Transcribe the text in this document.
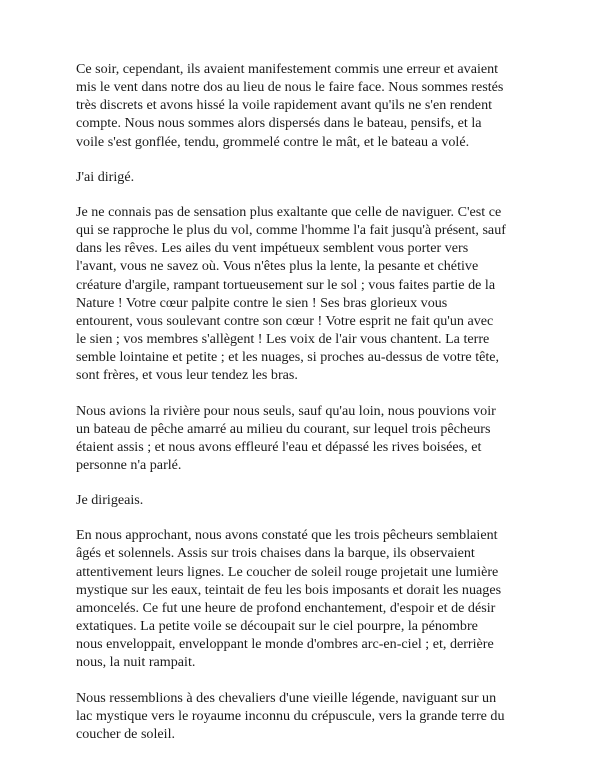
Ce soir, cependant, ils avaient manifestement commis une erreur et avaient
mis le vent dans notre dos au lieu de nous le faire face. Nous sommes restés
très discrets et avons hissé la voile rapidement avant qu'ils ne s'en rendent
compte. Nous nous sommes alors dispersés dans le bateau, pensifs, et la
voile s'est gonflée, tendu, grommelé contre le mât, et le bateau a volé.

J'ai dirigé.

Je ne connais pas de sensation plus exaltante que celle de naviguer. C'est ce
qui se rapproche le plus du vol, comme l'homme l'a fait jusqu'à présent, sauf
dans les rêves. Les ailes du vent impétueux semblent vous porter vers
l'avant, vous ne savez où. Vous n'êtes plus la lente, la pesante et chétive
créature d'argile, rampant tortueusement sur le sol ; vous faites partie de la
Nature ! Votre cœur palpite contre le sien ! Ses bras glorieux vous
entourent, vous soulevant contre son cœur ! Votre esprit ne fait qu'un avec
le sien ; vos membres s'allègent ! Les voix de l'air vous chantent. La terre
semble lointaine et petite ; et les nuages, si proches au-dessus de votre tête,
sont frères, et vous leur tendez les bras.

Nous avions la rivière pour nous seuls, sauf qu'au loin, nous pouvions voir
un bateau de pêche amarré au milieu du courant, sur lequel trois pêcheurs
étaient assis ; et nous avons effleuré l'eau et dépassé les rives boisées, et
personne n'a parlé.

Je dirigeais.

En nous approchant, nous avons constaté que les trois pêcheurs semblaient
âgés et solennels. Assis sur trois chaises dans la barque, ils observaient
attentivement leurs lignes. Le coucher de soleil rouge projetait une lumière
mystique sur les eaux, teintait de feu les bois imposants et dorait les nuages
amoncelés. Ce fut une heure de profond enchantement, d'espoir et de désir
extatiques. La petite voile se découpait sur le ciel pourpre, la pénombre
nous enveloppait, enveloppant le monde d'ombres arc-en-ciel ; et, derrière
nous, la nuit rampait.

Nous ressemblions à des chevaliers d'une vieille légende, naviguant sur un
lac mystique vers le royaume inconnu du crépuscule, vers la grande terre du
coucher de soleil.
